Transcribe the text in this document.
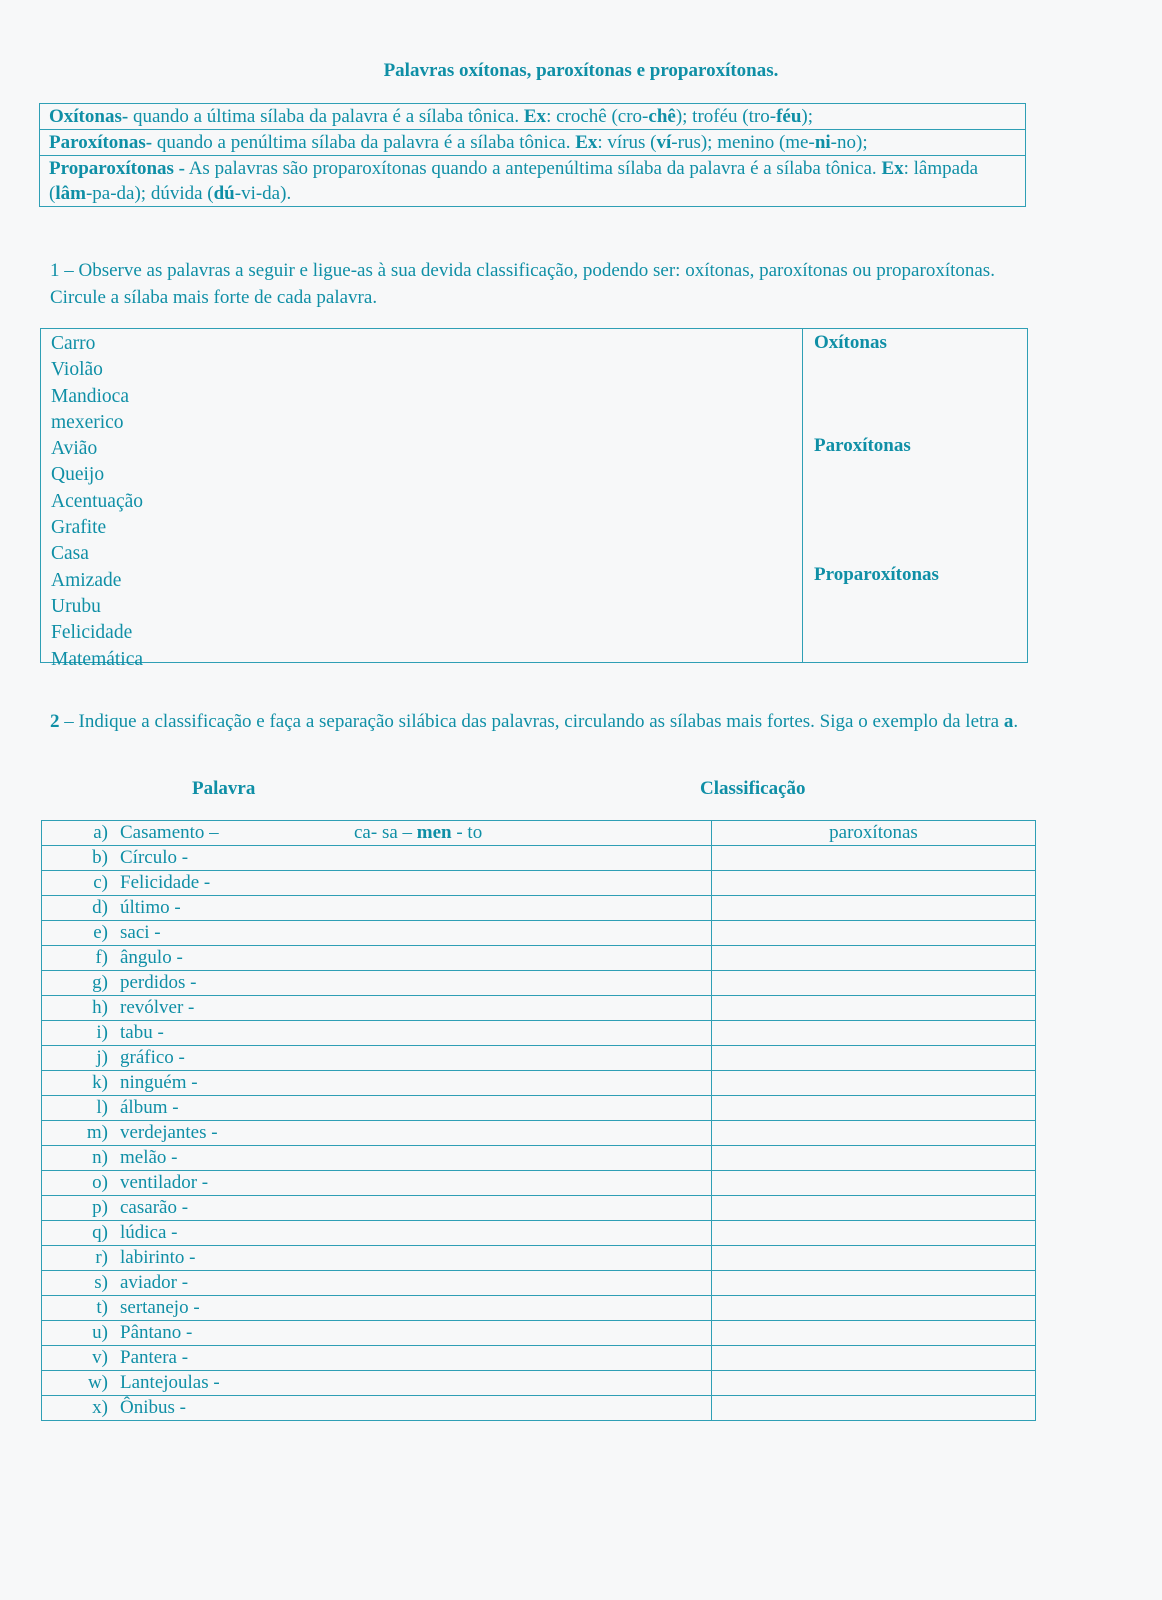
Palavras oxítonas, paroxítonas e proparoxítonas.
Oxítonas- quando a última sílaba da palavra é a sílaba tônica. Ex: crochê (cro-chê); troféu (tro-féu);
Paroxítonas- quando a penúltima sílaba da palavra é a sílaba tônica. Ex: vírus (ví-rus); menino (me-ni-no);
Proparoxítonas - As palavras são proparoxítonas quando a antepenúltima sílaba da palavra é a sílaba tônica. Ex: lâmpada (lâm-pa-da); dúvida (dú-vi-da).
1 – Observe as palavras a seguir e ligue-as à sua devida classificação, podendo ser: oxítonas, paroxítonas ou proparoxítonas. Circule a sílaba mais forte de cada palavra.
Carro
Violão
Mandioca
mexerico
Avião
Queijo
Acentuação
Grafite
Casa
Amizade
Urubu
Felicidade
Matemática
Oxítonas
Paroxítonas
Proparoxítonas
2 – Indique a classificação e faça a separação silábica das palavras, circulando as sílabas mais fortes. Siga o exemplo da letra a.
Palavra	Classificação
a) Casamento – ca- sa – men - to	paroxítonas
b) Círculo -	
c) Felicidade -	
d) último -	
e) saci -	
f) ângulo -	
g) perdidos -	
h) revólver -	
i) tabu -	
j) gráfico -	
k) ninguém -	
l) álbum -	
m) verdejantes -	
n) melão -	
o) ventilador -	
p) casarão -	
q) lúdica -	
r) labirinto -	
s) aviador -	
t) sertanejo -	
u) Pântano -	
v) Pantera -	
w) Lantejoulas -	
x) Ônibus -	
